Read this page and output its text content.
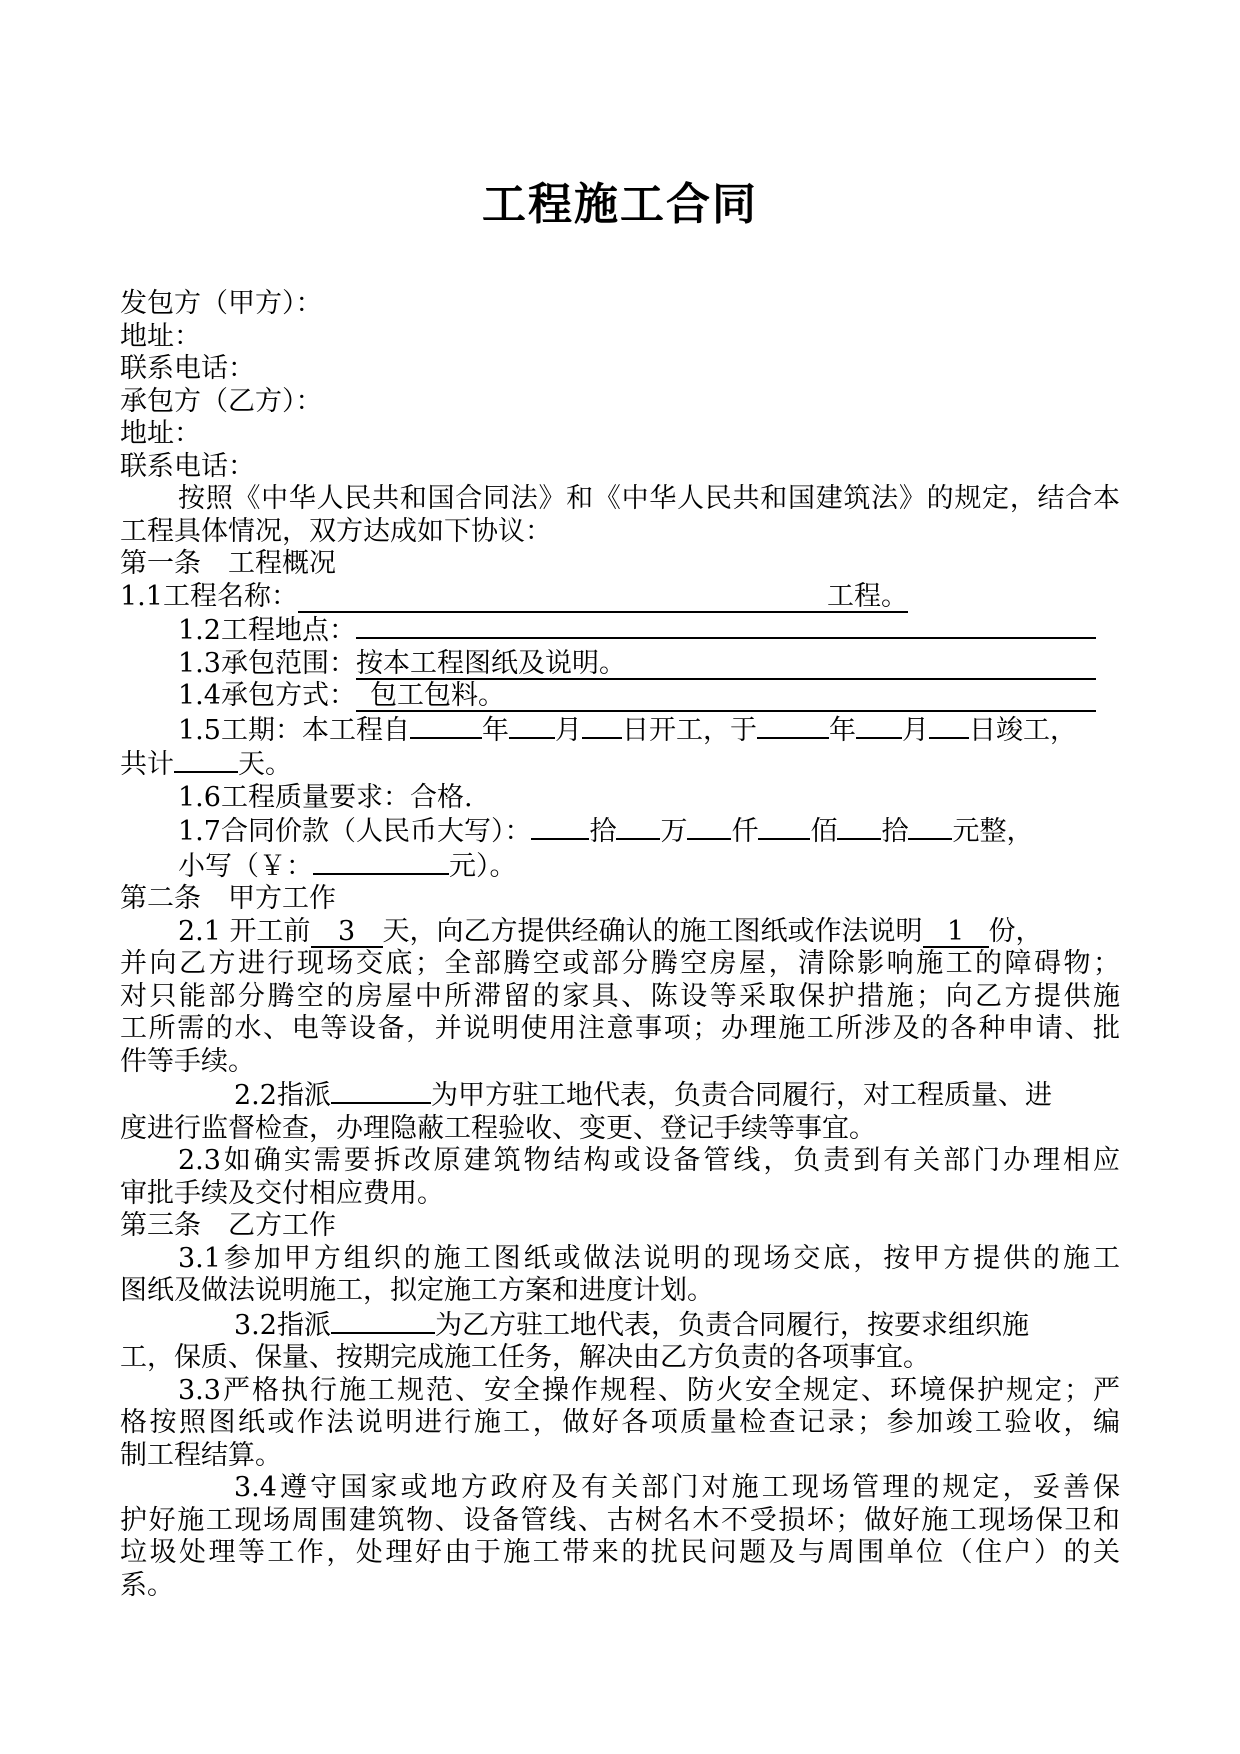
工程施工合同
发包方（甲方）：
地址：
联系电话：
承包方（乙方）：
地址：
联系电话：
按照《中华人民共和国合同法》和《中华人民共和国建筑法》的规定，结合本
工程具体情况，双方达成如下协议：
第一条　工程概况
1.1工程名称：	工程。
1.2工程地点：
1.3承包范围：按本工程图纸及说明。
1.4承包方式： 包工包料。
1.5工期：本工程自	年 月 日开工，于	年 月 日竣工，
共计 天。
1.6工程质量要求：合格.
1.7合同价款（人民币大写）： 拾 万 仟 佰 拾 元整，
小写（￥：	元）。
第二条　甲方工作
2.1 开工前 3 天，向乙方提供经确认的施工图纸或作法说明 1 份，
并向乙方进行现场交底；全部腾空或部分腾空房屋，清除影响施工的障碍物；
对只能部分腾空的房屋中所滞留的家具、陈设等采取保护措施；向乙方提供施
工所需的水、电等设备，并说明使用注意事项；办理施工所涉及的各种申请、批
件等手续。
2.2指派	为甲方驻工地代表，负责合同履行，对工程质量、进
度进行监督检查，办理隐蔽工程验收、变更、登记手续等事宜。
2.3如确实需要拆改原建筑物结构或设备管线，负责到有关部门办理相应
审批手续及交付相应费用。
第三条　乙方工作
3.1参加甲方组织的施工图纸或做法说明的现场交底，按甲方提供的施工
图纸及做法说明施工，拟定施工方案和进度计划。
3.2指派	为乙方驻工地代表，负责合同履行，按要求组织施
工，保质、保量、按期完成施工任务，解决由乙方负责的各项事宜。
3.3严格执行施工规范、安全操作规程、防火安全规定、环境保护规定；严
格按照图纸或作法说明进行施工，做好各项质量检查记录；参加竣工验收，编
制工程结算。
3.4遵守国家或地方政府及有关部门对施工现场管理的规定，妥善保
护好施工现场周围建筑物、设备管线、古树名木不受损坏；做好施工现场保卫和
垃圾处理等工作，处理好由于施工带来的扰民问题及与周围单位（住户）的关
系。
